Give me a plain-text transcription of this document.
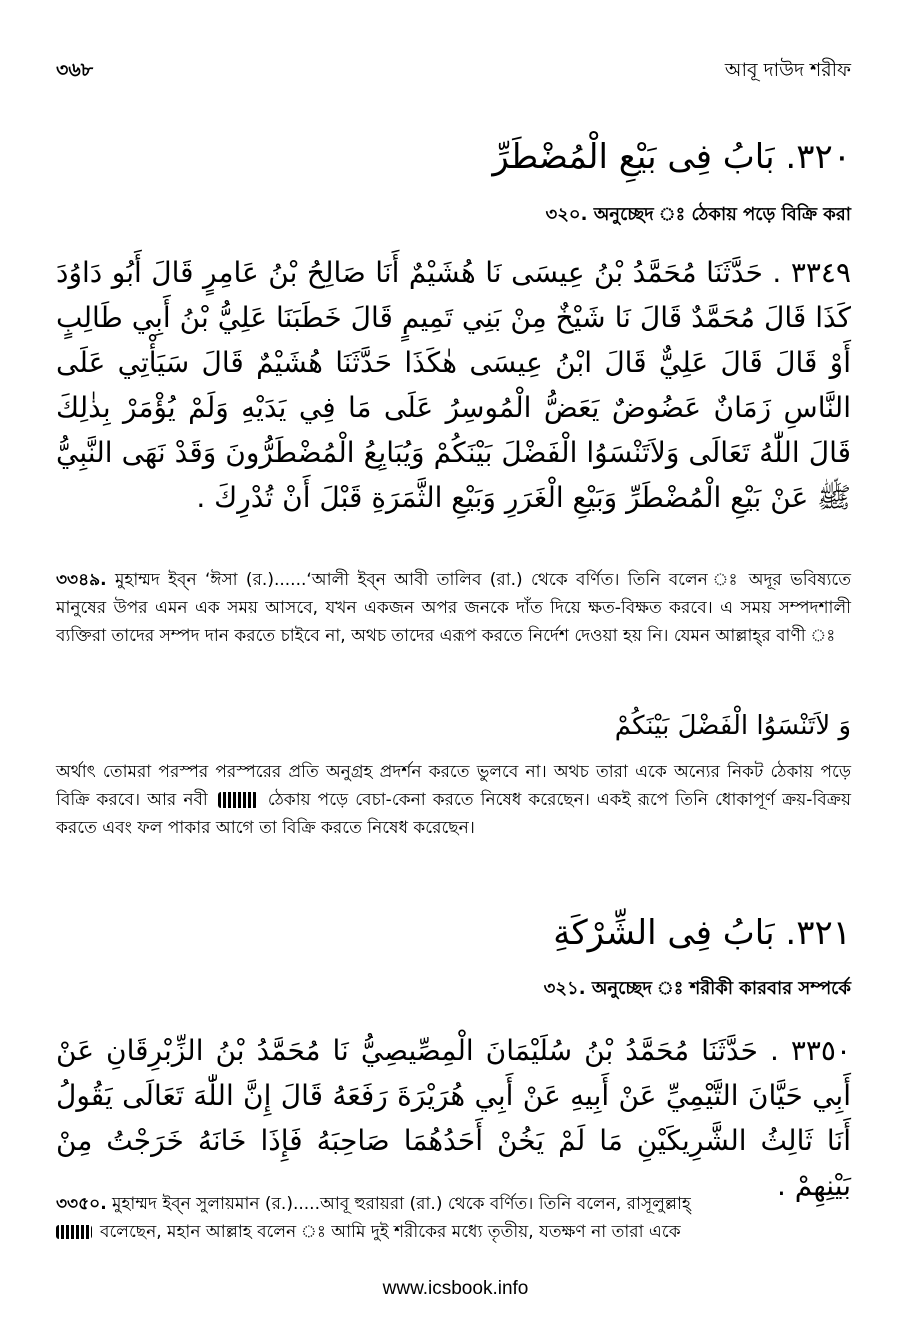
৩৬৮	আবূ দাউদ শরীফ
٣٢٠. بَابُ فِى بَيْعِ الْمُضْطَرِّ
৩২০. অনুচ্ছেদ ঃ ঠেকায় পড়ে বিক্রি করা
٣٣٤٩ . حَدَّثَنَا مُحَمَّدُ بْنُ عِيسَى نَا هُشَيْمٌ أَنَا صَالِحُ بْنُ عَامِرٍ قَالَ أَبُو دَاوُدَ كَذَا قَالَ مُحَمَّدٌ قَالَ نَا شَيْخٌ مِنْ بَنِي تَمِيمٍ قَالَ خَطَبَنَا عَلِيُّ بْنُ أَبِي طَالِبٍ أَوْ قَالَ قَالَ عَلِيٌّ قَالَ ابْنُ عِيسَى هٰكَذَا حَدَّثَنَا هُشَيْمٌ قَالَ سَيَأْتِي عَلَى النَّاسِ زَمَانٌ عَضُوضٌ يَعَضُّ الْمُوسِرُ عَلَى مَا فِي يَدَيْهِ وَلَمْ يُؤْمَرْ بِذٰلِكَ قَالَ اللّٰهُ تَعَالَى وَلاَتَنْسَوُا الْفَضْلَ بَيْنَكُمْ وَيُبَايِعُ الْمُضْطَرُّونَ وَقَدْ نَهَى النَّبِيُّ ﷺ عَنْ بَيْعِ الْمُضْطَرِّ وَبَيْعِ الْغَرَرِ وَبَيْعِ الثَّمَرَةِ قَبْلَ أَنْ تُدْرِكَ .
৩৩৪৯. মুহাম্মদ ইব্‌ন ‘ঈসা (র.)......‘আলী ইব্‌ন আবী তালিব (রা.) থেকে বর্ণিত। তিনি বলেন ঃ অদূর ভবিষ্যতে মানুষের উপর এমন এক সময় আসবে, যখন একজন অপর জনকে দাঁত দিয়ে ক্ষত-বিক্ষত করবে। এ সময় সম্পদশালী ব্যক্তিরা তাদের সম্পদ দান করতে চাইবে না, অথচ তাদের এরূপ করতে নির্দেশ দেওয়া হয় নি। যেমন আল্লাহ্‌র বাণী ঃ
وَ لاَتَنْسَوُا الْفَضْلَ بَيْنَكُمْ
অর্থাৎ তোমরা পরস্পর পরস্পরের প্রতি অনুগ্রহ প্রদর্শন করতে ভুলবে না। অথচ তারা একে অন্যের নিকট ঠেকায় পড়ে বিক্রি করবে। আর নবী	ঠেকায় পড়ে বেচা-কেনা করতে নিষেধ করেছেন। একই রূপে তিনি ধোকাপূর্ণ ক্রয়-বিক্রয় করতে এবং ফল পাকার আগে তা বিক্রি করতে নিষেধ করেছেন।
٣٢١. بَابُ فِى الشِّرْكَةِ
৩২১. অনুচ্ছেদ ঃ শরীকী কারবার সম্পর্কে
٣٣٥٠ . حَدَّثَنَا مُحَمَّدُ بْنُ سُلَيْمَانَ الْمِصِّيصِيُّ نَا مُحَمَّدُ بْنُ الزِّبْرِقَانِ عَنْ أَبِي حَيَّانَ التَّيْمِيِّ عَنْ أَبِيهِ عَنْ أَبِي هُرَيْرَةَ رَفَعَهُ قَالَ إِنَّ اللّٰهَ تَعَالَى يَقُولُ أَنَا ثَالِثُ الشَّرِيكَيْنِ مَا لَمْ يَخُنْ أَحَدُهُمَا صَاحِبَهُ فَإِذَا خَانَهُ خَرَجْتُ مِنْ بَيْنِهِمْ .
৩৩৫০. মুহাম্মদ ইব্‌ন সুলায়মান (র.).....আবূ হুরায়রা (রা.) থেকে বর্ণিত। তিনি বলেন, রাসূলুল্লাহ্
বলেছেন, মহান আল্লাহ বলেন ঃ আমি দুই শরীকের মধ্যে তৃতীয়, যতক্ষণ না তারা একে
www.icsbook.info
